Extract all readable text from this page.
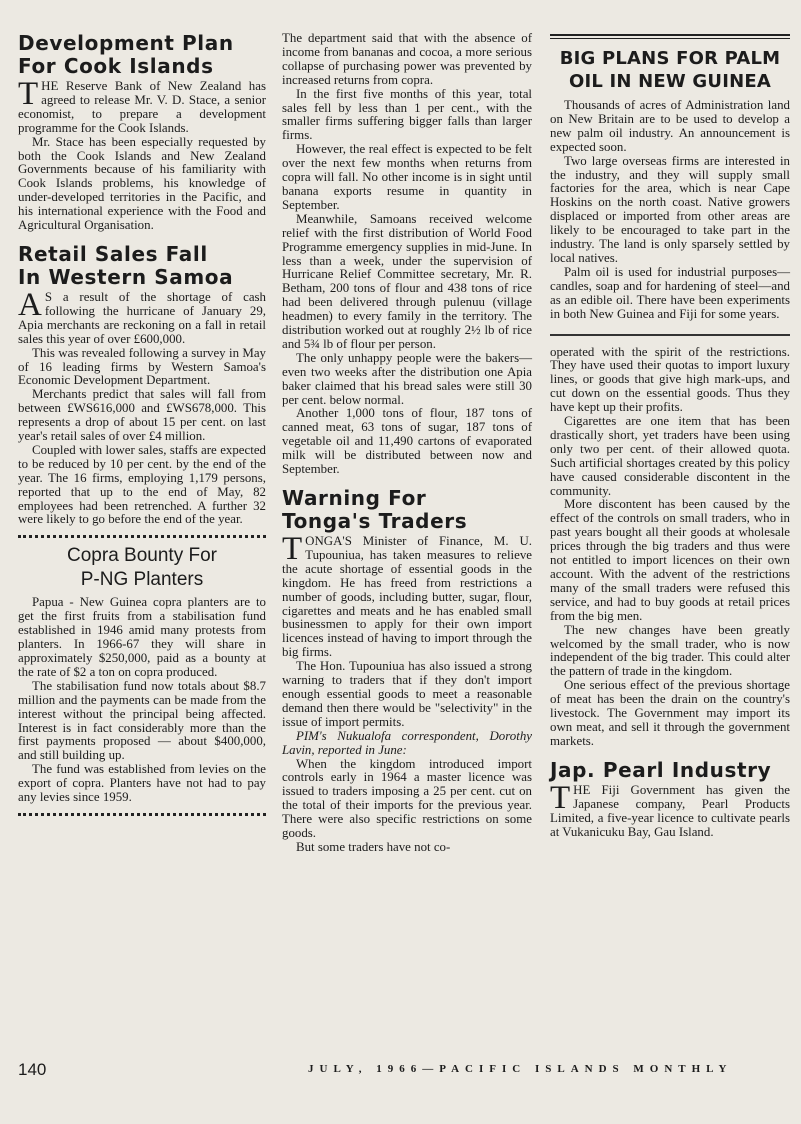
Development Plan
For Cook Islands

THE Reserve Bank of New Zealand has agreed to release Mr. V. D. Stace, a senior economist, to prepare a development programme for the Cook Islands.

Mr. Stace has been especially requested by both the Cook Islands and New Zealand Governments because of his familiarity with Cook Islands problems, his knowledge of under-developed territories in the Pacific, and his international experience with the Food and Agricultural Organisation.

Retail Sales Fall
In Western Samoa

A S a result of the shortage of cash following the hurricane of January 29, Apia merchants are reckoning on a fall in retail sales this year of over £600,000.

This was revealed following a survey in May of 16 leading firms by Western Samoa's Economic Development Department.

Merchants predict that sales will fall from between £WS616,000 and £WS678,000. This represents a drop of about 15 per cent. on last year's retail sales of over £4 million.

Coupled with lower sales, staffs are expected to be reduced by 10 per cent. by the end of the year. The 16 firms, employing 1,179 persons, reported that up to the end of May, 82 employees had been retrenched. A further 32 were likely to go before the end of the year.

Copra Bounty For
P-NG Planters

Papua - New Guinea copra planters are to get the first fruits from a stabilisation fund established in 1946 amid many protests from planters. In 1966-67 they will share in approximately $250,000, paid as a bounty at the rate of $2 a ton on copra produced.

The stabilisation fund now totals about $8.7 million and the payments can be made from the interest without the principal being affected. Interest is in fact considerably more than the first payments proposed — about $400,000, and still building up.

The fund was established from levies on the export of copra. Planters have not had to pay any levies since 1959.

The department said that with the absence of income from bananas and cocoa, a more serious collapse of purchasing power was prevented by increased returns from copra.

In the first five months of this year, total sales fell by less than 1 per cent., with the smaller firms suffering bigger falls than larger firms.

However, the real effect is expected to be felt over the next few months when returns from copra will fall. No other income is in sight until banana exports resume in quantity in September.

Meanwhile, Samoans received welcome relief with the first distribution of World Food Programme emergency supplies in mid-June. In less than a week, under the supervision of Hurricane Relief Committee secretary, Mr. R. Betham, 200 tons of flour and 438 tons of rice had been delivered through pulenuu (village headmen) to every family in the territory. The distribution worked out at roughly 2½ lb of rice and 5¾ lb of flour per person.

The only unhappy people were the bakers—even two weeks after the distribution one Apia baker claimed that his bread sales were still 30 per cent. below normal.

Another 1,000 tons of flour, 187 tons of canned meat, 63 tons of sugar, 187 tons of vegetable oil and 11,490 cartons of evaporated milk will be distributed between now and September.

Warning For
Tonga's Traders

TONGA'S Minister of Finance, M. U. Tupouniua, has taken measures to relieve the acute shortage of essential goods in the kingdom. He has freed from restrictions a number of goods, including butter, sugar, flour, cigarettes and meats and he has enabled small businessmen to apply for their own import licences instead of having to import through the big firms.

The Hon. Tupouniua has also issued a strong warning to traders that if they don't import enough essential goods to meet a reasonable demand then there would be "selectivity" in the issue of import permits.

PIM's Nukualofa correspondent, Dorothy Lavin, reported in June:

When the kingdom introduced import controls early in 1964 a master licence was issued to traders imposing a 25 per cent. cut on the total of their imports for the previous year. There were also specific restrictions on some goods.

But some traders have not co-

BIG PLANS FOR PALM
OIL IN NEW GUINEA

Thousands of acres of Administration land on New Britain are to be used to develop a new palm oil industry. An announcement is expected soon.

Two large overseas firms are interested in the industry, and they will supply small factories for the area, which is near Cape Hoskins on the north coast. Native growers displaced or imported from other areas are likely to be encouraged to take part in the industry. The land is only sparsely settled by local natives.

Palm oil is used for industrial purposes—candles, soap and for hardening of steel—and as an edible oil. There have been experiments in both New Guinea and Fiji for some years.

operated with the spirit of the restrictions. They have used their quotas to import luxury lines, or goods that give high mark-ups, and cut down on the essential goods. Thus they have kept up their profits.

Cigarettes are one item that has been drastically short, yet traders have been using only two per cent. of their allowed quota. Such artificial shortages created by this policy have caused considerable discontent in the community.

More discontent has been caused by the effect of the controls on small traders, who in past years bought all their goods at wholesale prices through the big traders and thus were not entitled to import licences on their own account. With the advent of the restrictions many of the small traders were refused this service, and had to buy goods at retail prices from the big men.

The new changes have been greatly welcomed by the small trader, who is now independent of the big trader. This could alter the pattern of trade in the kingdom.

One serious effect of the previous shortage of meat has been the drain on the country's livestock. The Government may import its own meat, and sell it through the government markets.

Jap. Pearl Industry

THE Fiji Government has given the Japanese company, Pearl Products Limited, a five-year licence to cultivate pearls at Vukanicuku Bay, Gau Island.

140	JULY, 1966—PACIFIC ISLANDS MONTHLY
